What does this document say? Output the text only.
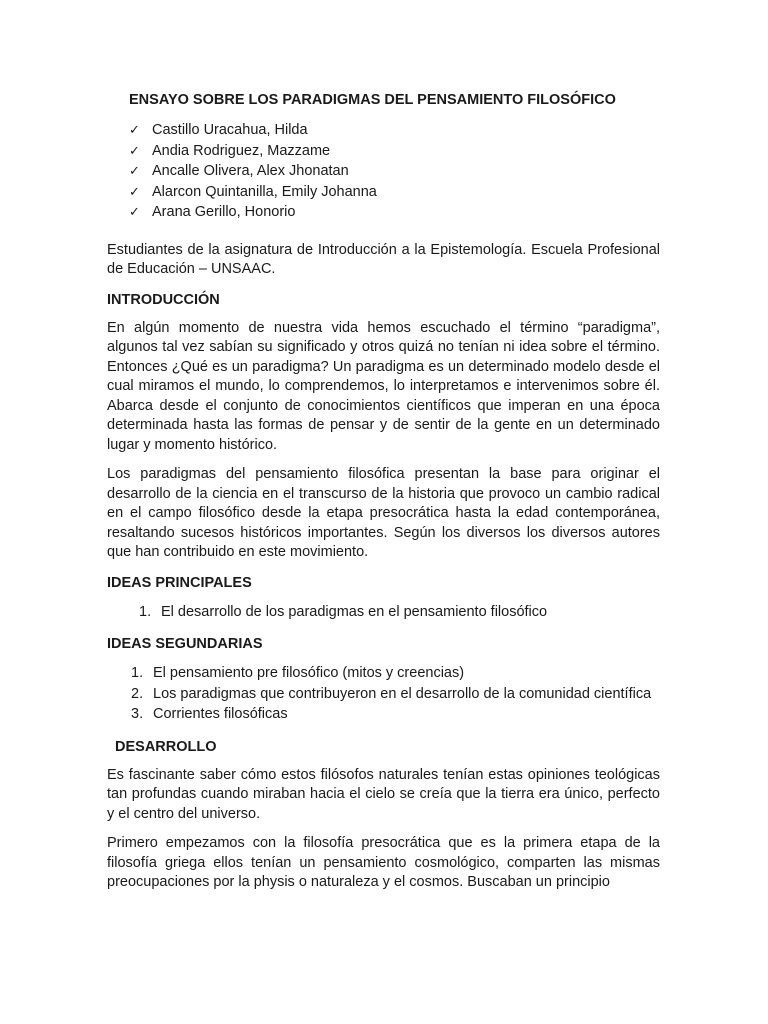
ENSAYO SOBRE LOS PARADIGMAS DEL PENSAMIENTO FILOSÓFICO
✓ Castillo Uracahua, Hilda
✓ Andia Rodriguez, Mazzame
✓ Ancalle Olivera, Alex Jhonatan
✓ Alarcon Quintanilla, Emily Johanna
✓ Arana Gerillo, Honorio

Estudiantes de la asignatura de Introducción a la Epistemología. Escuela Profesional de Educación – UNSAAC.

INTRODUCCIÓN

En algún momento de nuestra vida hemos escuchado el término “paradigma”, algunos tal vez sabían su significado y otros quizá no tenían ni idea sobre el término. Entonces ¿Qué es un paradigma? Un paradigma es un determinado modelo desde el cual miramos el mundo, lo comprendemos, lo interpretamos e intervenimos sobre él. Abarca desde el conjunto de conocimientos científicos que imperan en una época determinada hasta las formas de pensar y de sentir de la gente en un determinado lugar y momento histórico.

Los paradigmas del pensamiento filosófica presentan la base para originar el desarrollo de la ciencia en el transcurso de la historia que provoco un cambio radical en el campo filosófico desde la etapa presocrática hasta la edad contemporánea, resaltando sucesos históricos importantes. Según los diversos los diversos autores que han contribuido en este movimiento.

IDEAS PRINCIPALES
1. El desarrollo de los paradigmas en el pensamiento filosófico
IDEAS SEGUNDARIAS
1. El pensamiento pre filosófico (mitos y creencias)
2. Los paradigmas que contribuyeron en el desarrollo de la comunidad científica
3. Corrientes filosóficas
DESARROLLO

Es fascinante saber cómo estos filósofos naturales tenían estas opiniones teológicas tan profundas cuando miraban hacia el cielo se creía que la tierra era único, perfecto y el centro del universo.

Primero empezamos con la filosofía presocrática que es la primera etapa de la filosofía griega ellos tenían un pensamiento cosmológico, comparten las mismas preocupaciones por la physis o naturaleza y el cosmos. Buscaban un principio
